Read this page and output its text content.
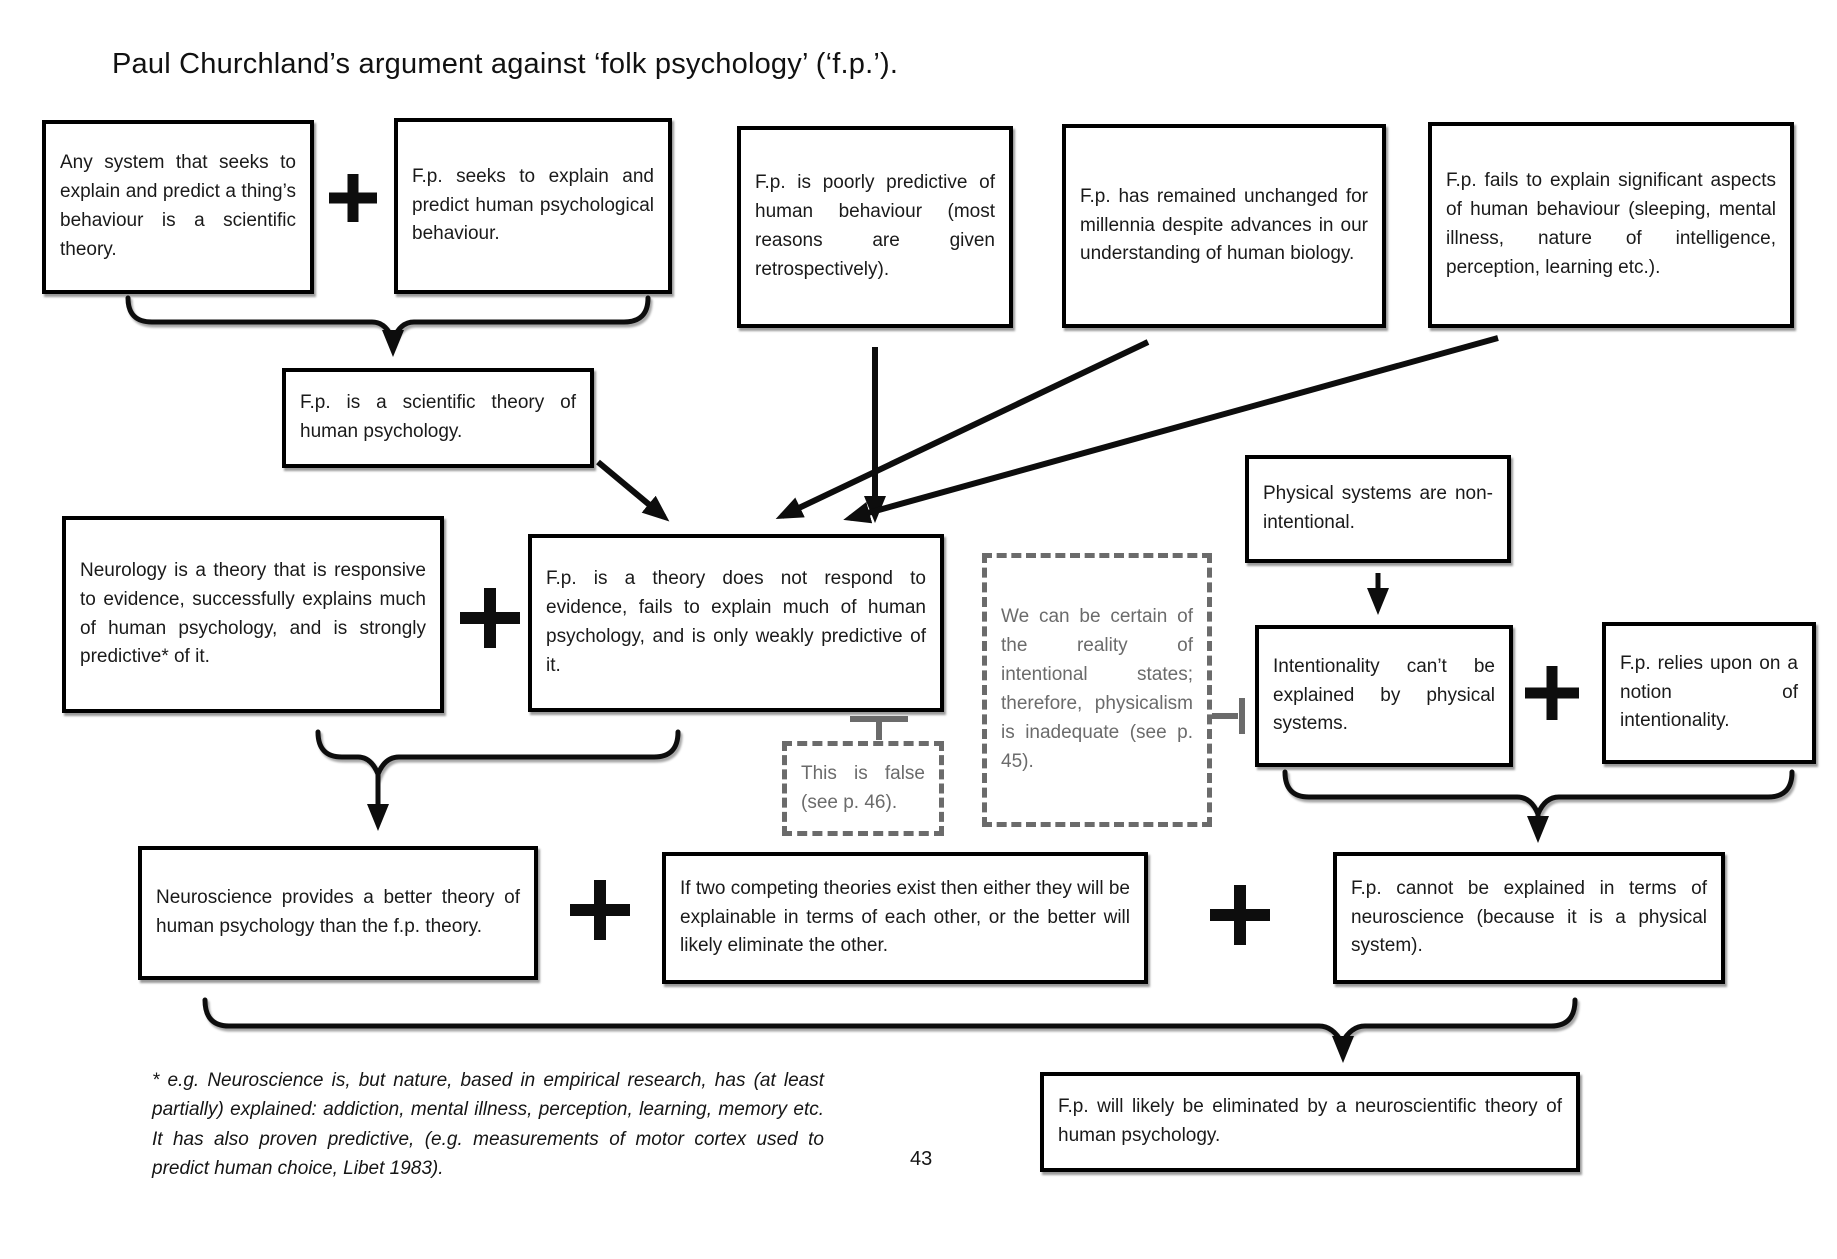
Paul Churchland’s argument against ‘folk psychology’ (‘f.p.’).
Any system that seeks to explain and predict a thing’s behaviour is a scientific theory.
F.p. seeks to explain and predict human psychological behaviour.
F.p. is poorly predictive of human behaviour (most reasons are given retrospectively).
F.p. has remained unchanged for millennia despite advances in our understanding of human biology.
F.p. fails to explain significant aspects of human behaviour (sleeping, mental illness, nature of intelligence, perception, learning etc.).
F.p. is a scientific theory of human psychology.
Physical systems are non-intentional.
Neurology is a theory that is responsive to evidence, successfully explains much of human psychology, and is strongly predictive* of it.
F.p. is a theory does not respond to evidence, fails to explain much of human psychology, and is only weakly predictive of it.
We can be certain of the reality of intentional states; therefore, physicalism is inadequate (see p. 45).
Intentionality can’t be explained by physical systems.
F.p. relies upon on a notion of intentionality.
This is false (see p. 46).
Neuroscience provides a better theory of human psychology than the f.p. theory.
If two competing theories exist then either they will be explainable in terms of each other, or the better will likely eliminate the other.
F.p. cannot be explained in terms of neuroscience (because it is a physical system).
F.p. will likely be eliminated by a neuroscientific theory of human psychology.
* e.g. Neuroscience is, but nature, based in empirical research, has (at least partially) explained: addiction, mental illness, perception, learning, memory etc. It has also proven predictive, (e.g. measurements of motor cortex used to predict human choice, Libet 1983).	43
